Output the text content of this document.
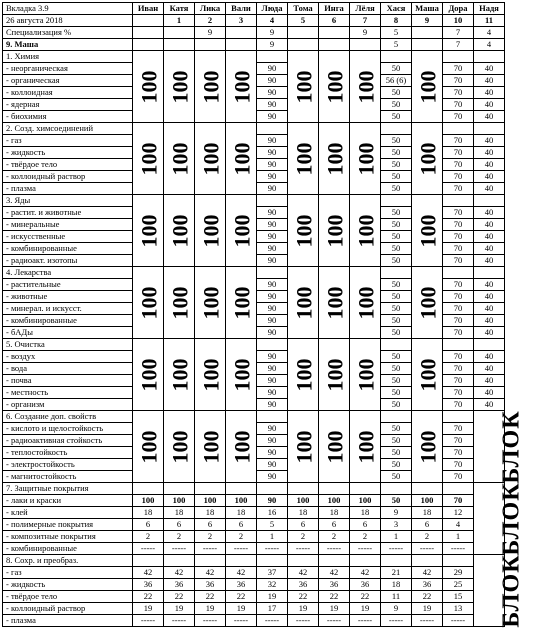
Вкладка 3.9	Иван	Катя	Лика	Вали	Люда	Тома	Инга	Лёля	Хася	Маша	Дора	Надя
26 августа 2018		1	2	3	4	5	6	7	8	9	10	11
Специализация %			9		9			9	5		7	4
9. Маша					9				5		7	4
1. Химия	100	100	100	100		100	100	100		100		
- неорганическая					90				50		70	40
- органическая					90				56 (6)		70	40
- коллоидная					90				50		70	40
- ядерная					90				50		70	40
- биохимия					90				50		70	40
2. Созд. химсоединений	100	100	100	100		100	100	100		100		
- газ					90				50		70	40
- жидкость					90				50		70	40
- твёрдое тело					90				50		70	40
- коллоидный раствор					90				50		70	40
- плазма					90				50		70	40
3. Яды	100	100	100	100		100	100	100		100		
- растит. и животные					90				50		70	40
- минеральные					90				50		70	40
- искусственные					90				50		70	40
- комбинированные					90				50		70	40
- радиоакт. изотопы					90				50		70	40
4. Лекарства	100	100	100	100		100	100	100		100		
- растительные					90				50		70	40
- животные					90				50		70	40
- минерал. и искусст.					90				50		70	40
- комбинированные					90				50		70	40
- бАДы					90				50		70	40
5. Очистка	100	100	100	100		100	100	100		100		
- воздух					90				50		70	40
- вода					90				50		70	40
- почва					90				50		70	40
- местность					90				50		70	40
- организм					90				50		70	40
6. Создание доп. свойств	100	100	100	100		100	100	100		100		БЛОК
- кислото и щелостойкость					90				50		70	
- радиоактивная стойкость					90				50		70	
- теплостойкость					90				50		70	
- электростойкость					90				50		70	
- магнитостойкость					90				50		70	
7. Защитные покрытия												БЛОК
- лаки и краски	100	100	100	100	90	100	100	100	50	100	70	
- клей	18	18	18	18	16	18	18	18	9	18	12	
- полимерные покрытия	6	6	6	6	5	6	6	6	3	6	4	
- композитные покрытия	2	2	2	2	1	2	2	2	1	2	1	
- комбинированные	-----	-----	-----	-----	-----	-----	-----	-----	-----	-----	-----	
8. Сохр. и преобраз.												БЛОК
- газ	42	42	42	42	37	42	42	42	21	42	29	
- жидкость	36	36	36	36	32	36	36	36	18	36	25	
- твёрдое тело	22	22	22	22	19	22	22	22	11	22	15	
- коллоидный раствор	19	19	19	19	17	19	19	19	9	19	13	
- плазма	-----	-----	-----	-----	-----	-----	-----	-----	-----	-----	-----	
